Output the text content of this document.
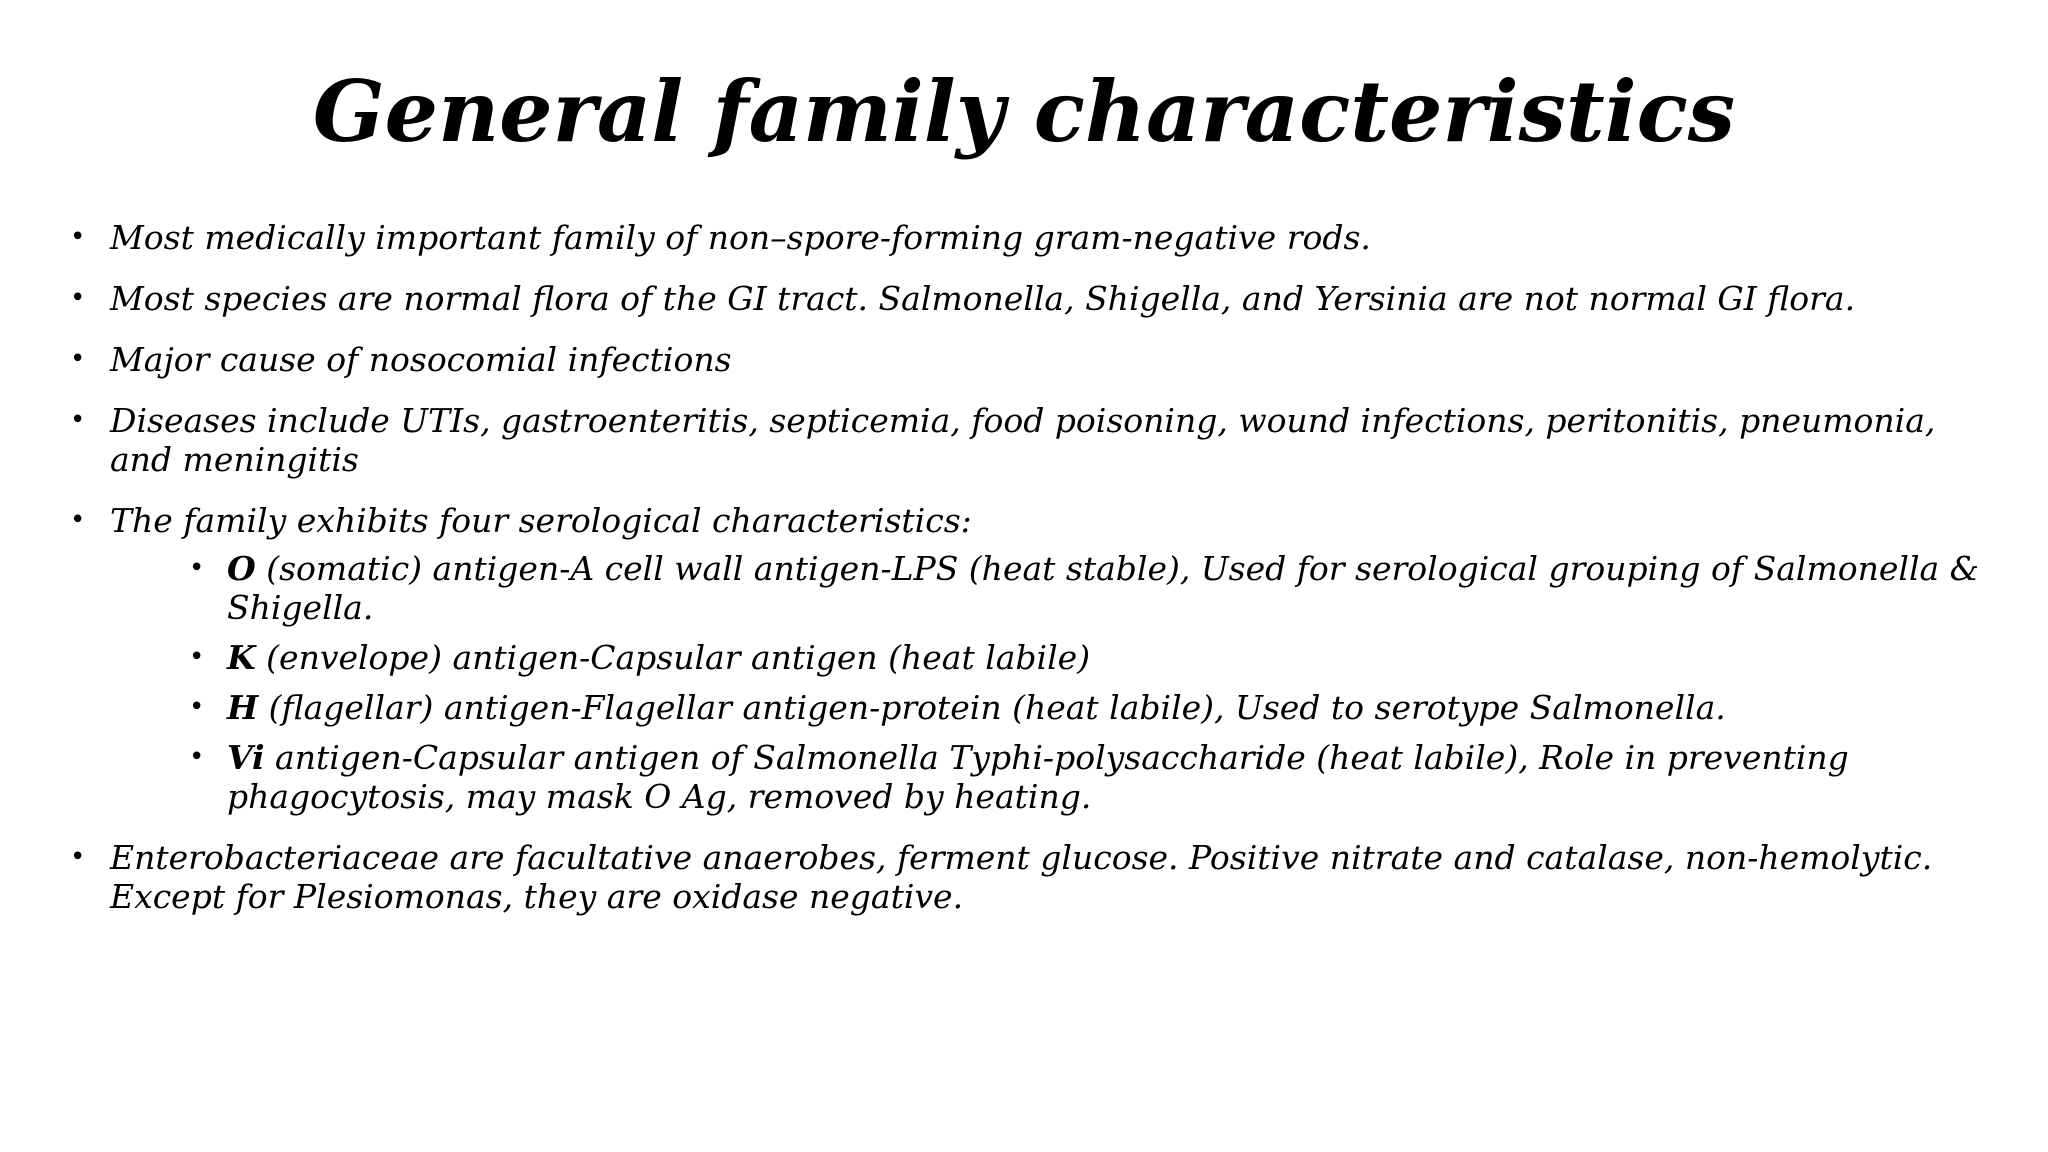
General family characteristics
• Most medically important family of non–spore-forming gram-negative rods.
• Most species are normal flora of the GI tract. Salmonella, Shigella, and Yersinia are not normal GI flora.
• Major cause of nosocomial infections
• Diseases include UTIs, gastroenteritis, septicemia, food poisoning, wound infections, peritonitis, pneumonia, and meningitis
• The family exhibits four serological characteristics:
• O (somatic) antigen-A cell wall antigen-LPS (heat stable), Used for serological grouping of Salmonella & Shigella.
• K (envelope) antigen-Capsular antigen (heat labile)
• H (flagellar) antigen-Flagellar antigen-protein (heat labile), Used to serotype Salmonella.
• Vi antigen-Capsular antigen of Salmonella Typhi-polysaccharide (heat labile), Role in preventing phagocytosis, may mask O Ag, removed by heating.
• Enterobacteriaceae are facultative anaerobes, ferment glucose. Positive nitrate and catalase, non-hemolytic. Except for Plesiomonas, they are oxidase negative.
